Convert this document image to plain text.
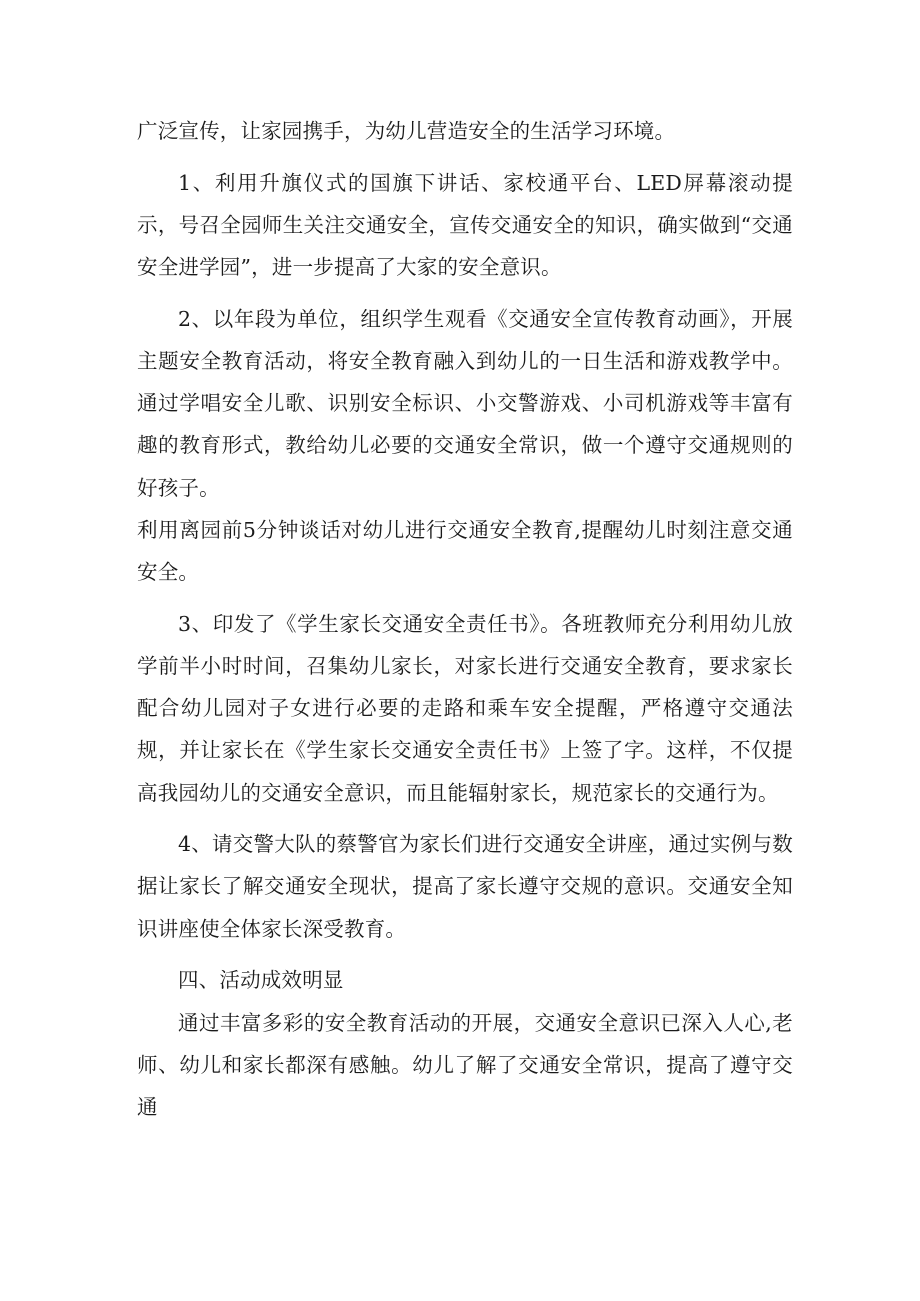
广泛宣传，让家园携手，为幼儿营造安全的生活学习环境。

1、利用升旗仪式的国旗下讲话、家校通平台、LED屏幕滚动提示，号召全园师生关注交通安全，宣传交通安全的知识，确实做到“交通安全进学园”，进一步提高了大家的安全意识。

2、以年段为单位，组织学生观看《交通安全宣传教育动画》，开展主题安全教育活动，将安全教育融入到幼儿的一日生活和游戏教学中。通过学唱安全儿歌、识别安全标识、小交警游戏、小司机游戏等丰富有趣的教育形式，教给幼儿必要的交通安全常识，做一个遵守交通规则的好孩子。

利用离园前5分钟谈话对幼儿进行交通安全教育,提醒幼儿时刻注意交通安全。

3、印发了《学生家长交通安全责任书》。各班教师充分利用幼儿放学前半小时时间，召集幼儿家长，对家长进行交通安全教育，要求家长配合幼儿园对子女进行必要的走路和乘车安全提醒，严格遵守交通法规，并让家长在《学生家长交通安全责任书》上签了字。这样，不仅提高我园幼儿的交通安全意识，而且能辐射家长，规范家长的交通行为。

4、请交警大队的蔡警官为家长们进行交通安全讲座，通过实例与数据让家长了解交通安全现状，提高了家长遵守交规的意识。交通安全知识讲座使全体家长深受教育。

四、活动成效明显

通过丰富多彩的安全教育活动的开展，交通安全意识已深入人心,老师、幼儿和家长都深有感触。幼儿了解了交通安全常识，提高了遵守交通
